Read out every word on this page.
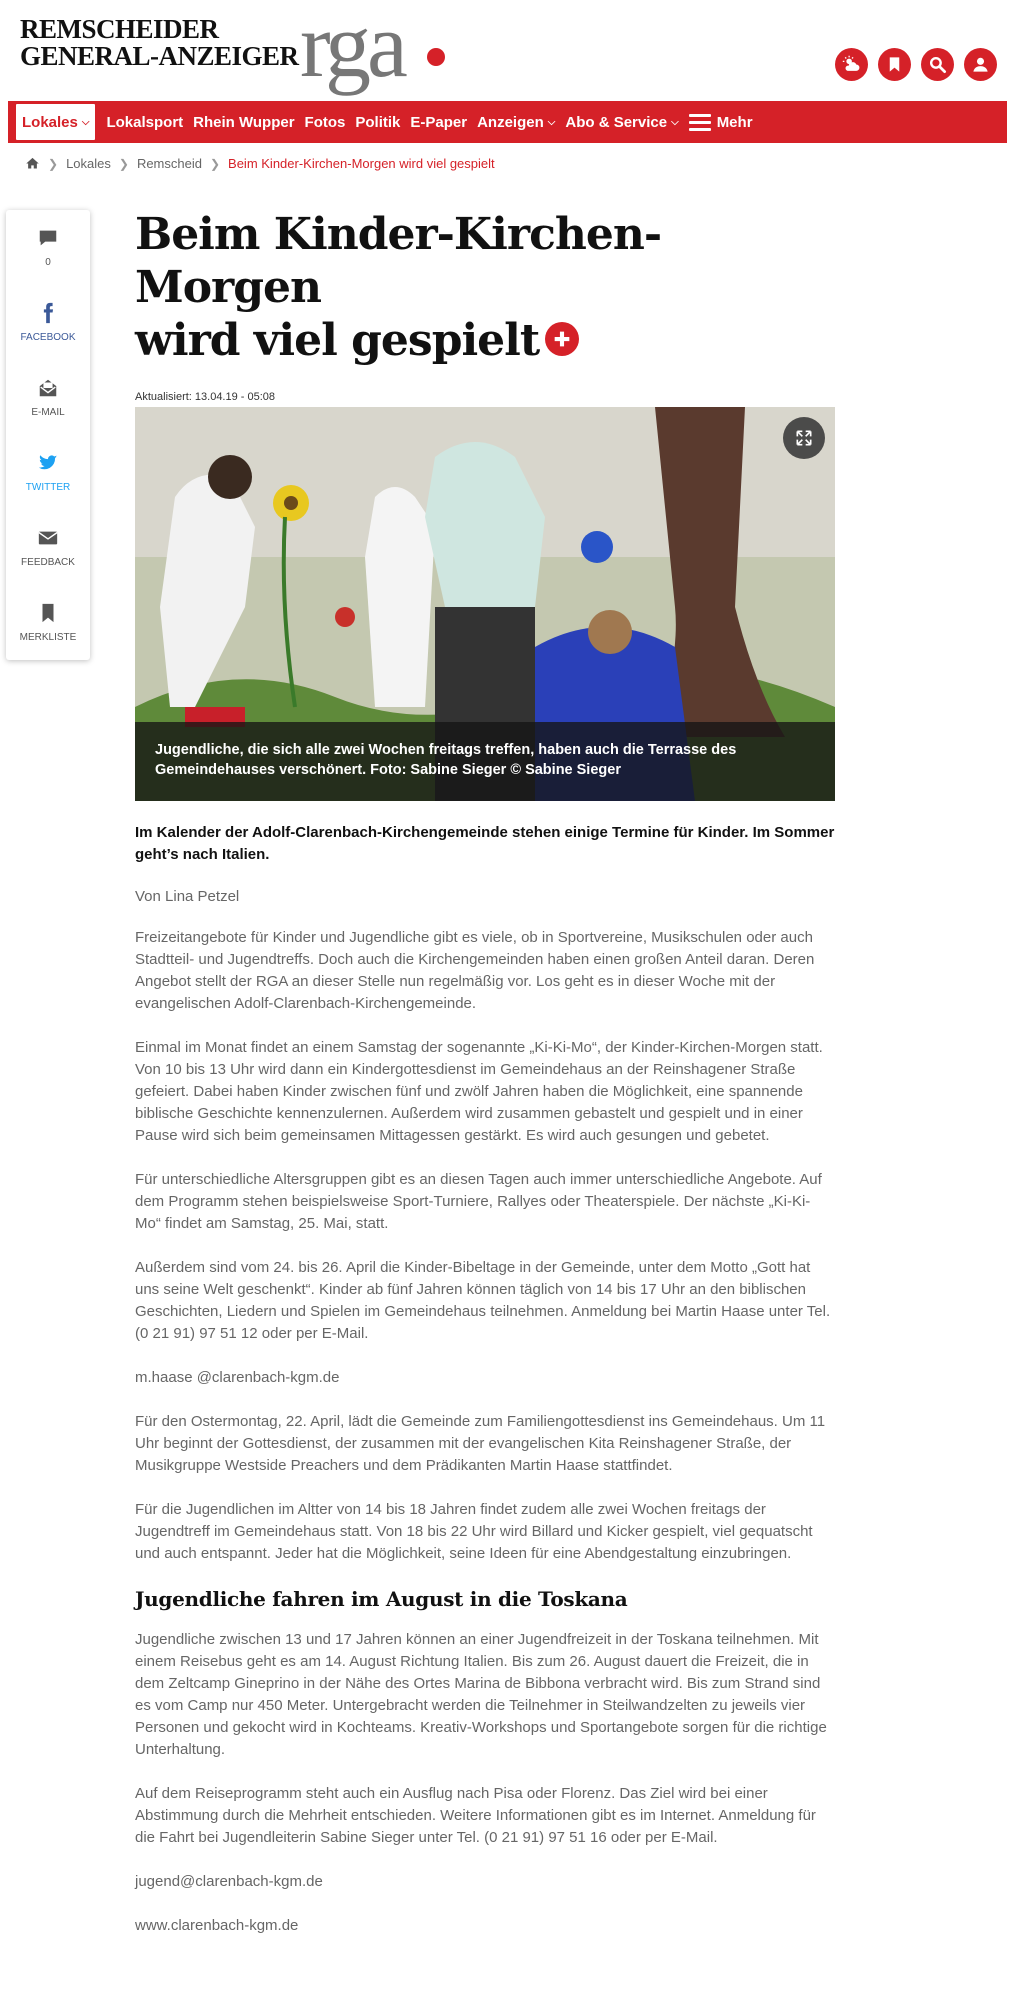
REMSCHEIDER
GENERAL-ANZEIGER rga
Lokales ⌵ Lokalsport Rhein Wupper Fotos Politik E-Paper Anzeigen ⌵ Abo & Service ⌵	Mehr
❯ Lokales ❯ Remscheid ❯ Beim Kinder-Kirchen-Morgen wird viel gespielt
0
FACEBOOK
E-MAIL
TWITTER
FEEDBACK
MERKLISTE
Beim Kinder-Kirchen-Morgen
wird viel gespielt
Aktualisiert: 13.04.19 - 05:08
Jugendliche, die sich alle zwei Wochen freitags treffen, haben auch die Terrasse des Gemeindehauses verschönert. Foto: Sabine Sieger © Sabine Sieger
Im Kalender der Adolf-Clarenbach-Kirchengemeinde stehen einige Termine für Kinder. Im Sommer geht’s nach Italien.
Von Lina Petzel

Freizeitangebote für Kinder und Jugendliche gibt es viele, ob in Sportvereine, Musikschulen oder auch Stadtteil- und Jugendtreffs. Doch auch die Kirchengemeinden haben einen großen Anteil daran. Deren Angebot stellt der RGA an dieser Stelle nun regelmäßig vor. Los geht es in dieser Woche mit der evangelischen Adolf-Clarenbach-Kirchengemeinde.

Einmal im Monat findet an einem Samstag der sogenannte „Ki-Ki-Mo“, der Kinder-Kirchen-Morgen statt. Von 10 bis 13 Uhr wird dann ein Kindergottesdienst im Gemeindehaus an der Reinshagener Straße gefeiert. Dabei haben Kinder zwischen fünf und zwölf Jahren haben die Möglichkeit, eine spannende biblische Geschichte kennenzulernen. Außerdem wird zusammen gebastelt und gespielt und in einer Pause wird sich beim gemeinsamen Mittagessen gestärkt. Es wird auch gesungen und gebetet.

Für unterschiedliche Altersgruppen gibt es an diesen Tagen auch immer unterschiedliche Angebote. Auf dem Programm stehen beispielsweise Sport-Turniere, Rallyes oder Theaterspiele. Der nächste „Ki-Ki-Mo“ findet am Samstag, 25. Mai, statt.

Außerdem sind vom 24. bis 26. April die Kinder-Bibeltage in der Gemeinde, unter dem Motto „Gott hat uns seine Welt geschenkt“. Kinder ab fünf Jahren können täglich von 14 bis 17 Uhr an den biblischen Geschichten, Liedern und Spielen im Gemeindehaus teilnehmen. Anmeldung bei Martin Haase unter Tel. (0 21 91) 97 51 12 oder per E-Mail.

m.haase @clarenbach-kgm.de

Für den Ostermontag, 22. April, lädt die Gemeinde zum Familiengottesdienst ins Gemeindehaus. Um 11 Uhr beginnt der Gottesdienst, der zusammen mit der evangelischen Kita Reinshagener Straße, der Musikgruppe Westside Preachers und dem Prädikanten Martin Haase stattfindet.

Für die Jugendlichen im Altter von 14 bis 18 Jahren findet zudem alle zwei Wochen freitags der Jugendtreff im Gemeindehaus statt. Von 18 bis 22 Uhr wird Billard und Kicker gespielt, viel gequatscht und auch entspannt. Jeder hat die Möglichkeit, seine Ideen für eine Abendgestaltung einzubringen.

Jugendliche fahren im August in die Toskana

Jugendliche zwischen 13 und 17 Jahren können an einer Jugendfreizeit in der Toskana teilnehmen. Mit einem Reisebus geht es am 14. August Richtung Italien. Bis zum 26. August dauert die Freizeit, die in dem Zeltcamp Gineprino in der Nähe des Ortes Marina de Bibbona verbracht wird. Bis zum Strand sind es vom Camp nur 450 Meter. Untergebracht werden die Teilnehmer in Steilwandzelten zu jeweils vier Personen und gekocht wird in Kochteams. Kreativ-Workshops und Sportangebote sorgen für die richtige Unterhaltung.

Auf dem Reiseprogramm steht auch ein Ausflug nach Pisa oder Florenz. Das Ziel wird bei einer Abstimmung durch die Mehrheit entschieden. Weitere Informationen gibt es im Internet. Anmeldung für die Fahrt bei Jugendleiterin Sabine Sieger unter Tel. (0 21 91) 97 51 16 oder per E-Mail.

jugend@clarenbach-kgm.de

www.clarenbach-kgm.de
